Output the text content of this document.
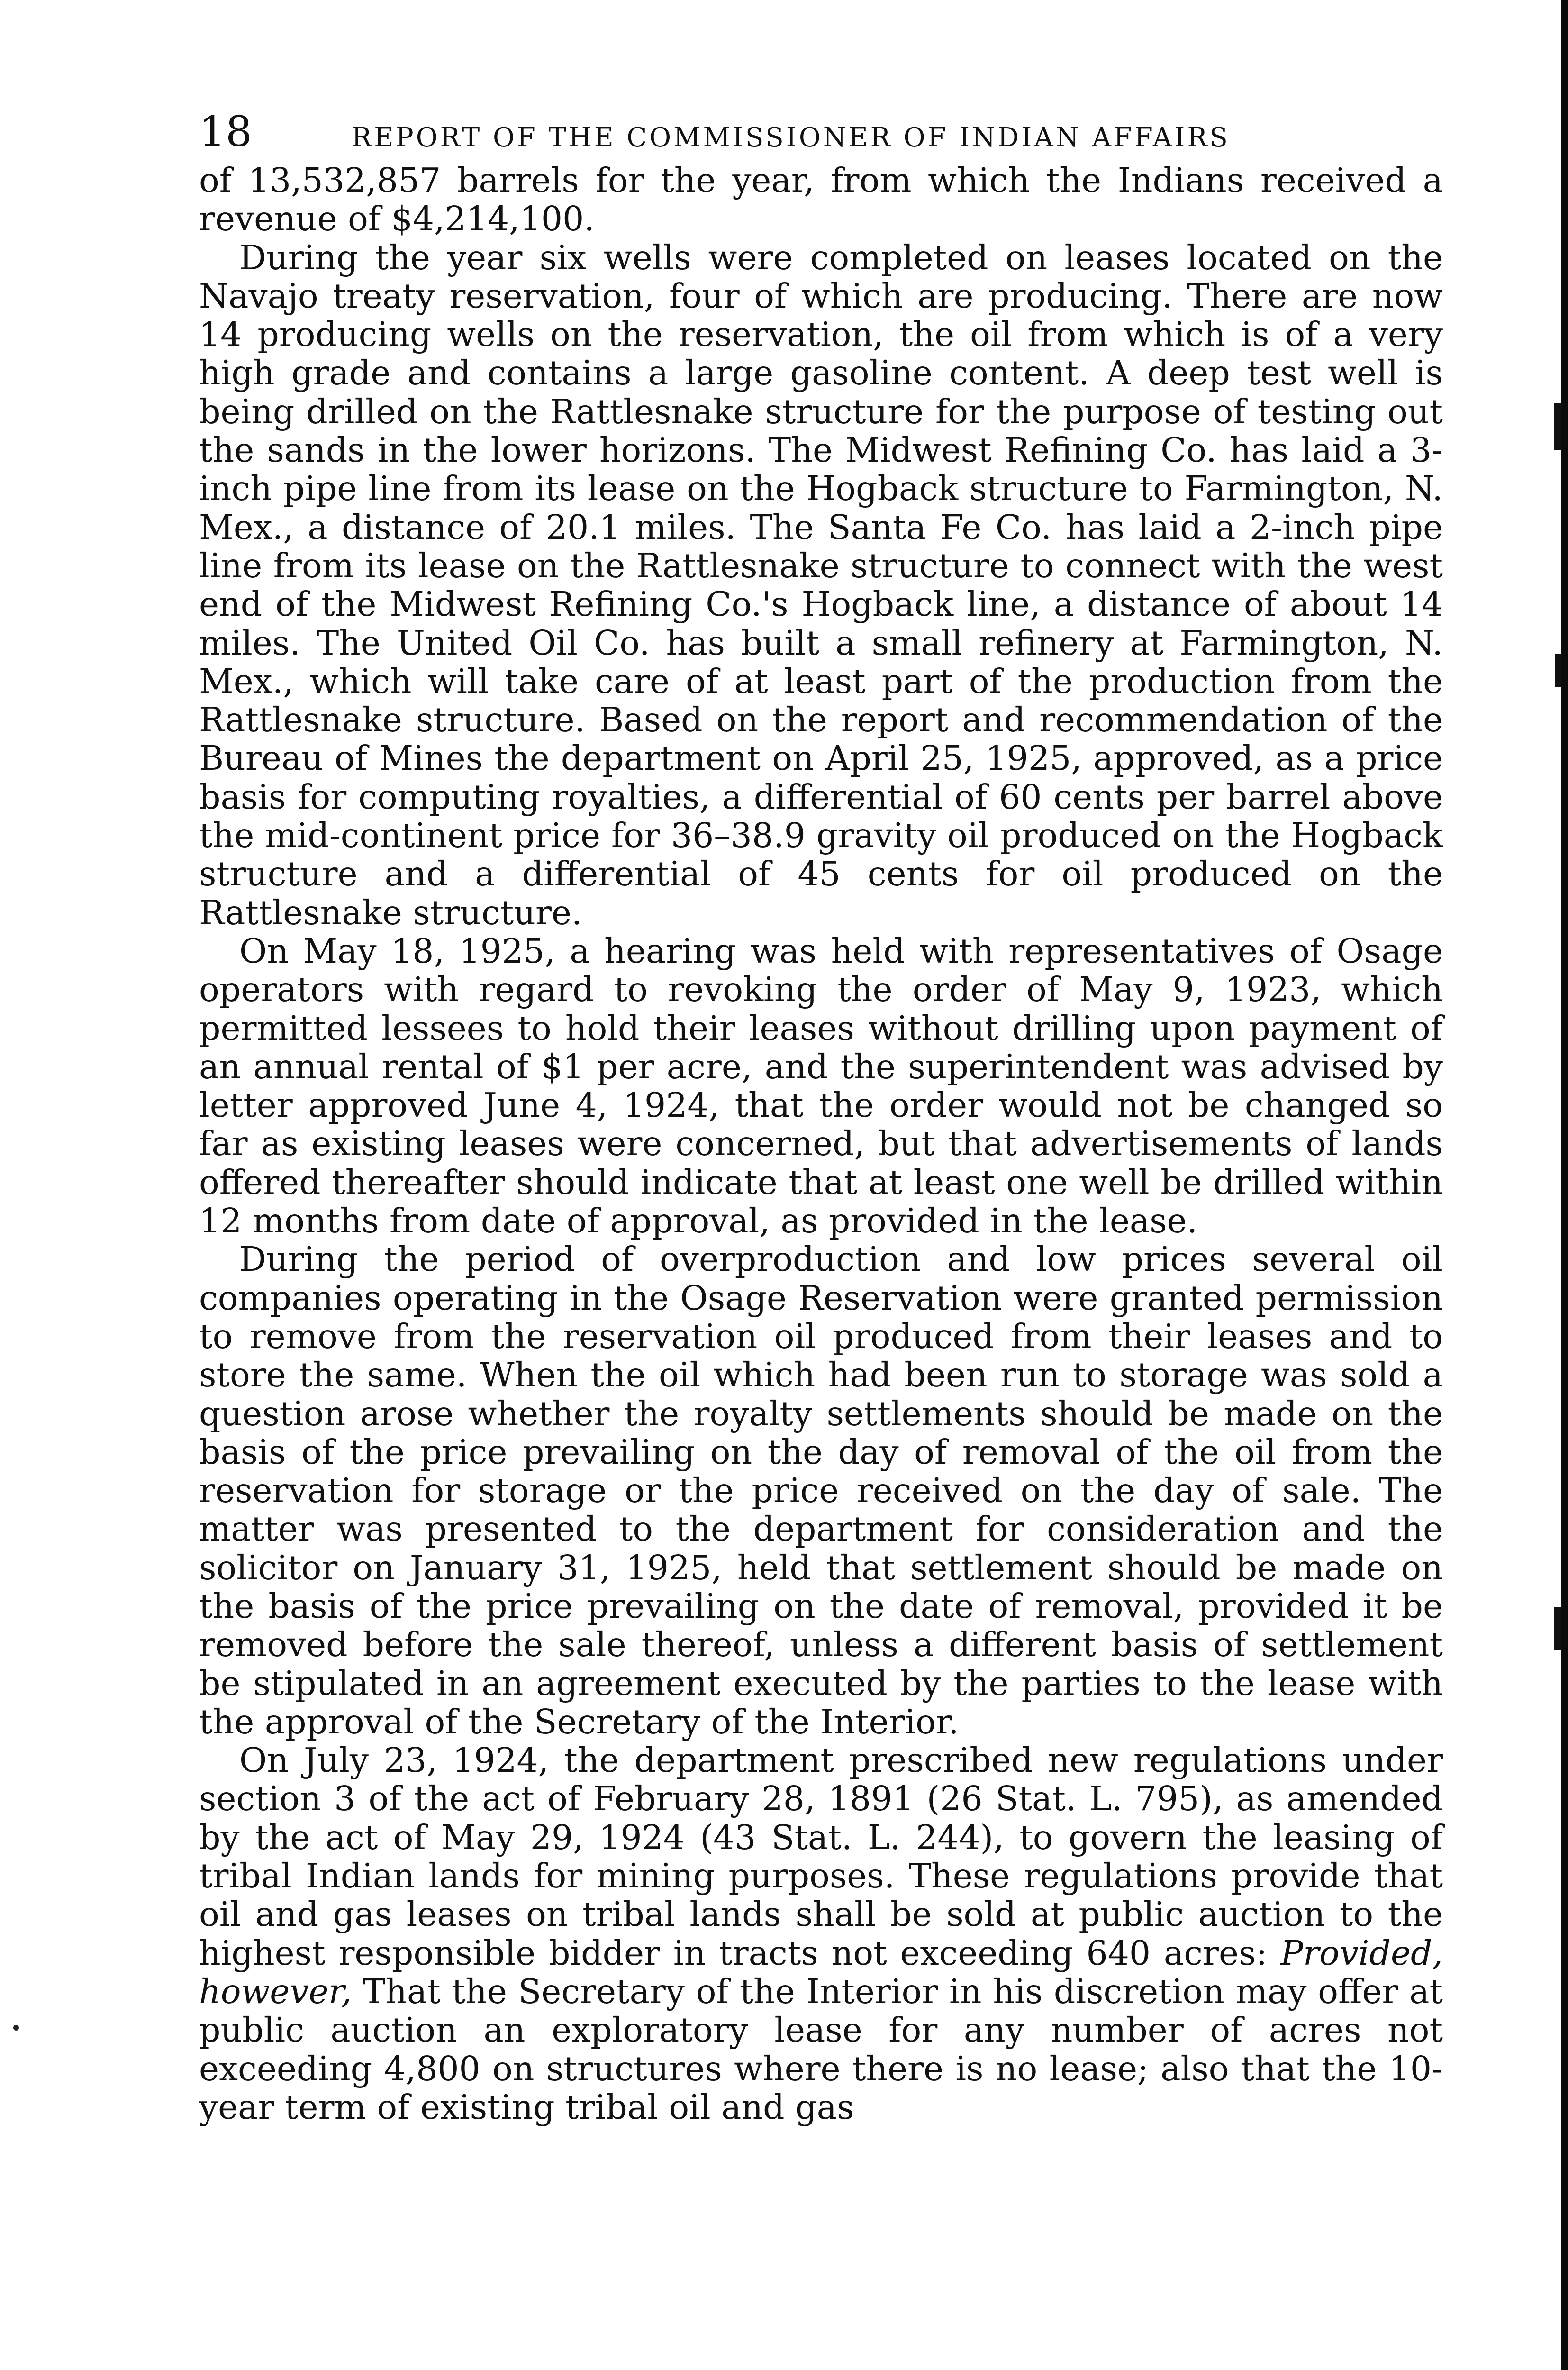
18	REPORT OF THE COMMISSIONER OF INDIAN AFFAIRS

of 13,532,857 barrels for the year, from which the Indians received a revenue of $4,214,100.

During the year six wells were completed on leases located on the Navajo treaty reservation, four of which are producing. There are now 14 producing wells on the reservation, the oil from which is of a very high grade and contains a large gasoline content. A deep test well is being drilled on the Rattlesnake structure for the purpose of testing out the sands in the lower horizons. The Midwest Refining Co. has laid a 3-inch pipe line from its lease on the Hogback structure to Farmington, N. Mex., a distance of 20.1 miles. The Santa Fe Co. has laid a 2-inch pipe line from its lease on the Rattlesnake structure to connect with the west end of the Midwest Refining Co.'s Hogback line, a distance of about 14 miles. The United Oil Co. has built a small refinery at Farmington, N. Mex., which will take care of at least part of the production from the Rattlesnake structure. Based on the report and recommendation of the Bureau of Mines the department on April 25, 1925, approved, as a price basis for computing royalties, a differential of 60 cents per barrel above the mid-continent price for 36–38.9 gravity oil produced on the Hogback structure and a differential of 45 cents for oil produced on the Rattlesnake structure.

On May 18, 1925, a hearing was held with representatives of Osage operators with regard to revoking the order of May 9, 1923, which permitted lessees to hold their leases without drilling upon payment of an annual rental of $1 per acre, and the superintendent was advised by letter approved June 4, 1924, that the order would not be changed so far as existing leases were concerned, but that advertisements of lands offered thereafter should indicate that at least one well be drilled within 12 months from date of approval, as provided in the lease.

During the period of overproduction and low prices several oil companies operating in the Osage Reservation were granted permission to remove from the reservation oil produced from their leases and to store the same. When the oil which had been run to storage was sold a question arose whether the royalty settlements should be made on the basis of the price prevailing on the day of removal of the oil from the reservation for storage or the price received on the day of sale. The matter was presented to the department for consideration and the solicitor on January 31, 1925, held that settlement should be made on the basis of the price prevailing on the date of removal, provided it be removed before the sale thereof, unless a different basis of settlement be stipulated in an agreement executed by the parties to the lease with the approval of the Secretary of the Interior.

On July 23, 1924, the department prescribed new regulations under section 3 of the act of February 28, 1891 (26 Stat. L. 795), as amended by the act of May 29, 1924 (43 Stat. L. 244), to govern the leasing of tribal Indian lands for mining purposes. These regulations provide that oil and gas leases on tribal lands shall be sold at public auction to the highest responsible bidder in tracts not exceeding 640 acres: Provided, however, That the Secretary of the Interior in his discretion may offer at public auction an exploratory lease for any number of acres not exceeding 4,800 on structures where there is no lease; also that the 10-year term of existing tribal oil and gas
